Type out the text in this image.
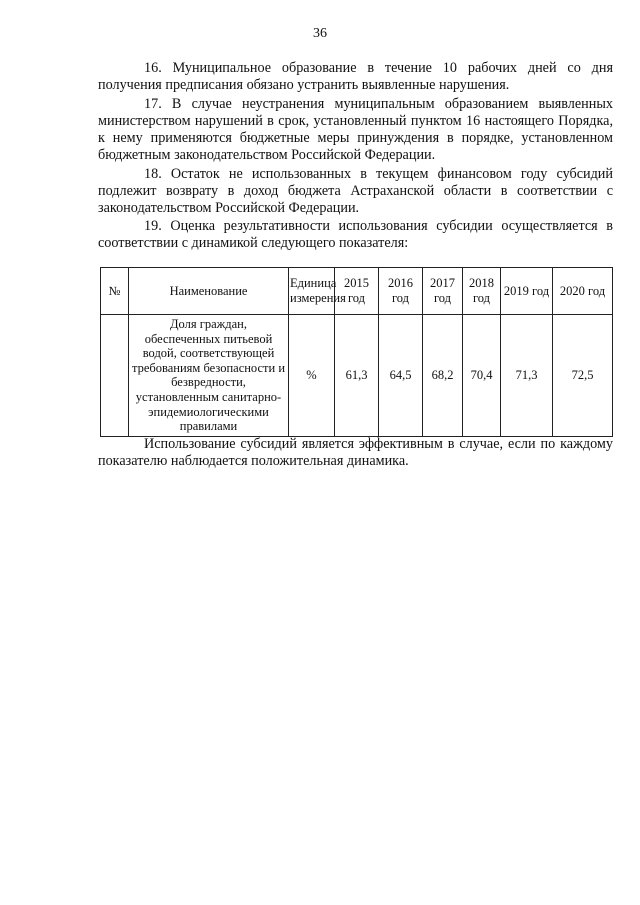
36

16. Муниципальное образование в течение 10 рабочих дней со дня получения предписания обязано устранить выявленные нарушения.

17. В случае неустранения муниципальным образованием выявленных министерством нарушений в срок, установленный пунктом 16 настоящего Порядка, к нему применяются бюджетные меры принуждения в порядке, установленном бюджетным законодательством Российской Федерации.

18. Остаток не использованных в текущем финансовом году субсидий подлежит возврату в доход бюджета Астраханской области в соответствии с законодательством Российской Федерации.

19. Оценка результативности использования субсидии осуществляется в соответствии с динамикой следующего показателя:

№	Наименование	Единица измерения	2015 год	2016 год	2017 год	2018 год	2019 год	2020 год
	Доля граждан, обеспеченных питьевой водой, соответствующей требованиям безопасности и безвредности, установленным санитарно-эпидемиологическими правилами	%	61,3	64,5	68,2	70,4	71,3	72,5

Использование субсидий является эффективным в случае, если по каждому показателю наблюдается положительная динамика.
